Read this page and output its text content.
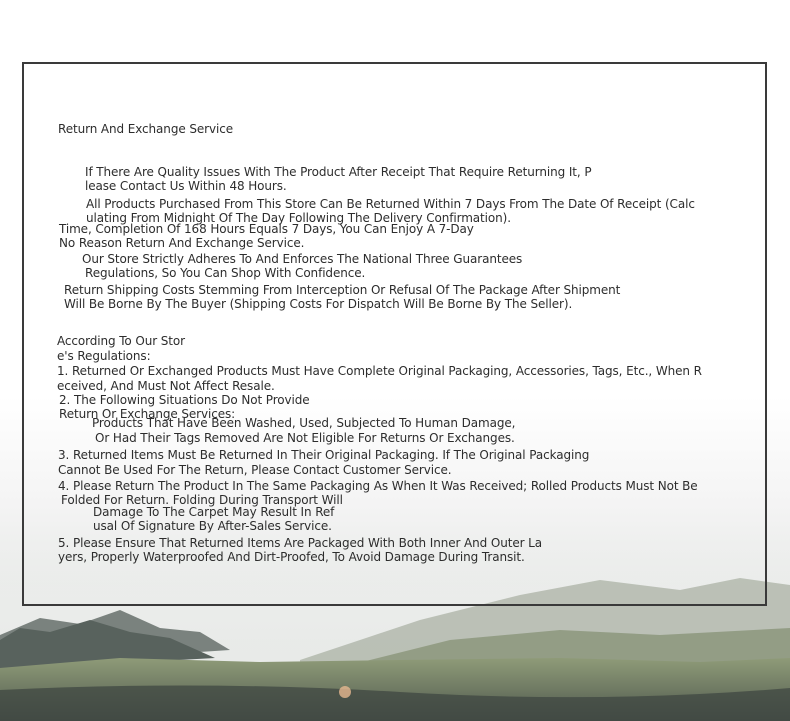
Return And Exchange Service
If There Are Quality Issues With The Product After Receipt That Require Returning It, P
lease Contact Us Within 48 Hours.
All Products Purchased From This Store Can Be Returned Within 7 Days From The Date Of Receipt (Calc
ulating From Midnight Of The Day Following The Delivery Confirmation).
Time, Completion Of 168 Hours Equals 7 Days, You Can Enjoy A 7-Day
No Reason Return And Exchange Service.
Our Store Strictly Adheres To And Enforces The National Three Guarantees
Regulations, So You Can Shop With Confidence.
Return Shipping Costs Stemming From Interception Or Refusal Of The Package After Shipment
Will Be Borne By The Buyer (Shipping Costs For Dispatch Will Be Borne By The Seller).
According To Our Stor
e's Regulations:
1. Returned Or Exchanged Products Must Have Complete Original Packaging, Accessories, Tags, Etc., When R
eceived, And Must Not Affect Resale.
2. The Following Situations Do Not Provide
Return Or Exchange Services:
Products That Have Been Washed, Used, Subjected To Human Damage,
Or Had Their Tags Removed Are Not Eligible For Returns Or Exchanges.
3. Returned Items Must Be Returned In Their Original Packaging. If The Original Packaging
Cannot Be Used For The Return, Please Contact Customer Service.
4. Please Return The Product In The Same Packaging As When It Was Received; Rolled Products Must Not Be
Folded For Return. Folding During Transport Will
Damage To The Carpet May Result In Ref
usal Of Signature By After-Sales Service.
5. Please Ensure That Returned Items Are Packaged With Both Inner And Outer La
yers, Properly Waterproofed And Dirt-Proofed, To Avoid Damage During Transit.
